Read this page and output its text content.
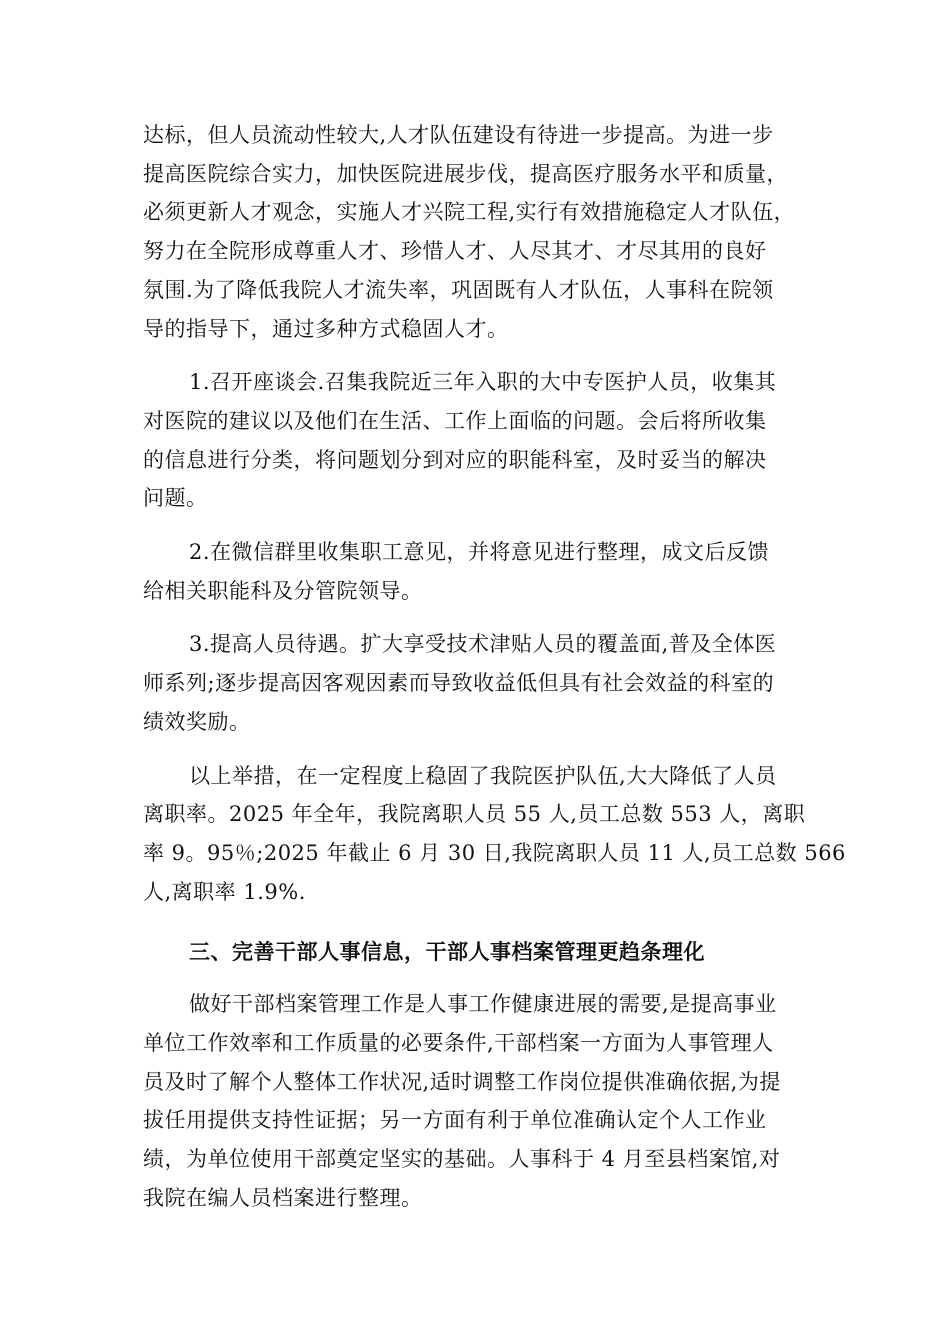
达标，但人员流动性较大,人才队伍建设有待进一步提高。为进一步
提高医院综合实力，加快医院进展步伐，提高医疗服务水平和质量，
必须更新人才观念，实施人才兴院工程,实行有效措施稳定人才队伍，
努力在全院形成尊重人才、珍惜人才、人尽其才、才尽其用的良好
氛围.为了降低我院人才流失率，巩固既有人才队伍，人事科在院领
导的指导下，通过多种方式稳固人才。
1.召开座谈会.召集我院近三年入职的大中专医护人员，收集其
对医院的建议以及他们在生活、工作上面临的问题。会后将所收集
的信息进行分类，将问题划分到对应的职能科室，及时妥当的解决
问题。
2.在微信群里收集职工意见，并将意见进行整理，成文后反馈
给相关职能科及分管院领导。
3.提高人员待遇。扩大享受技术津贴人员的覆盖面,普及全体医
师系列;逐步提高因客观因素而导致收益低但具有社会效益的科室的
绩效奖励。
以上举措，在一定程度上稳固了我院医护队伍,大大降低了人员
离职率。2025 年全年，我院离职人员 55 人,员工总数 553 人，离职
率 9。95％;2025 年截止 6 月 30 日,我院离职人员 11 人,员工总数 566
人,离职率 1.9%.
三、完善干部人事信息，干部人事档案管理更趋条理化
做好干部档案管理工作是人事工作健康进展的需要,是提高事业
单位工作效率和工作质量的必要条件,干部档案一方面为人事管理人
员及时了解个人整体工作状况,适时调整工作岗位提供准确依据,为提
拔任用提供支持性证据；另一方面有利于单位准确认定个人工作业
绩，为单位使用干部奠定坚实的基础。人事科于 4 月至县档案馆,对
我院在编人员档案进行整理。
